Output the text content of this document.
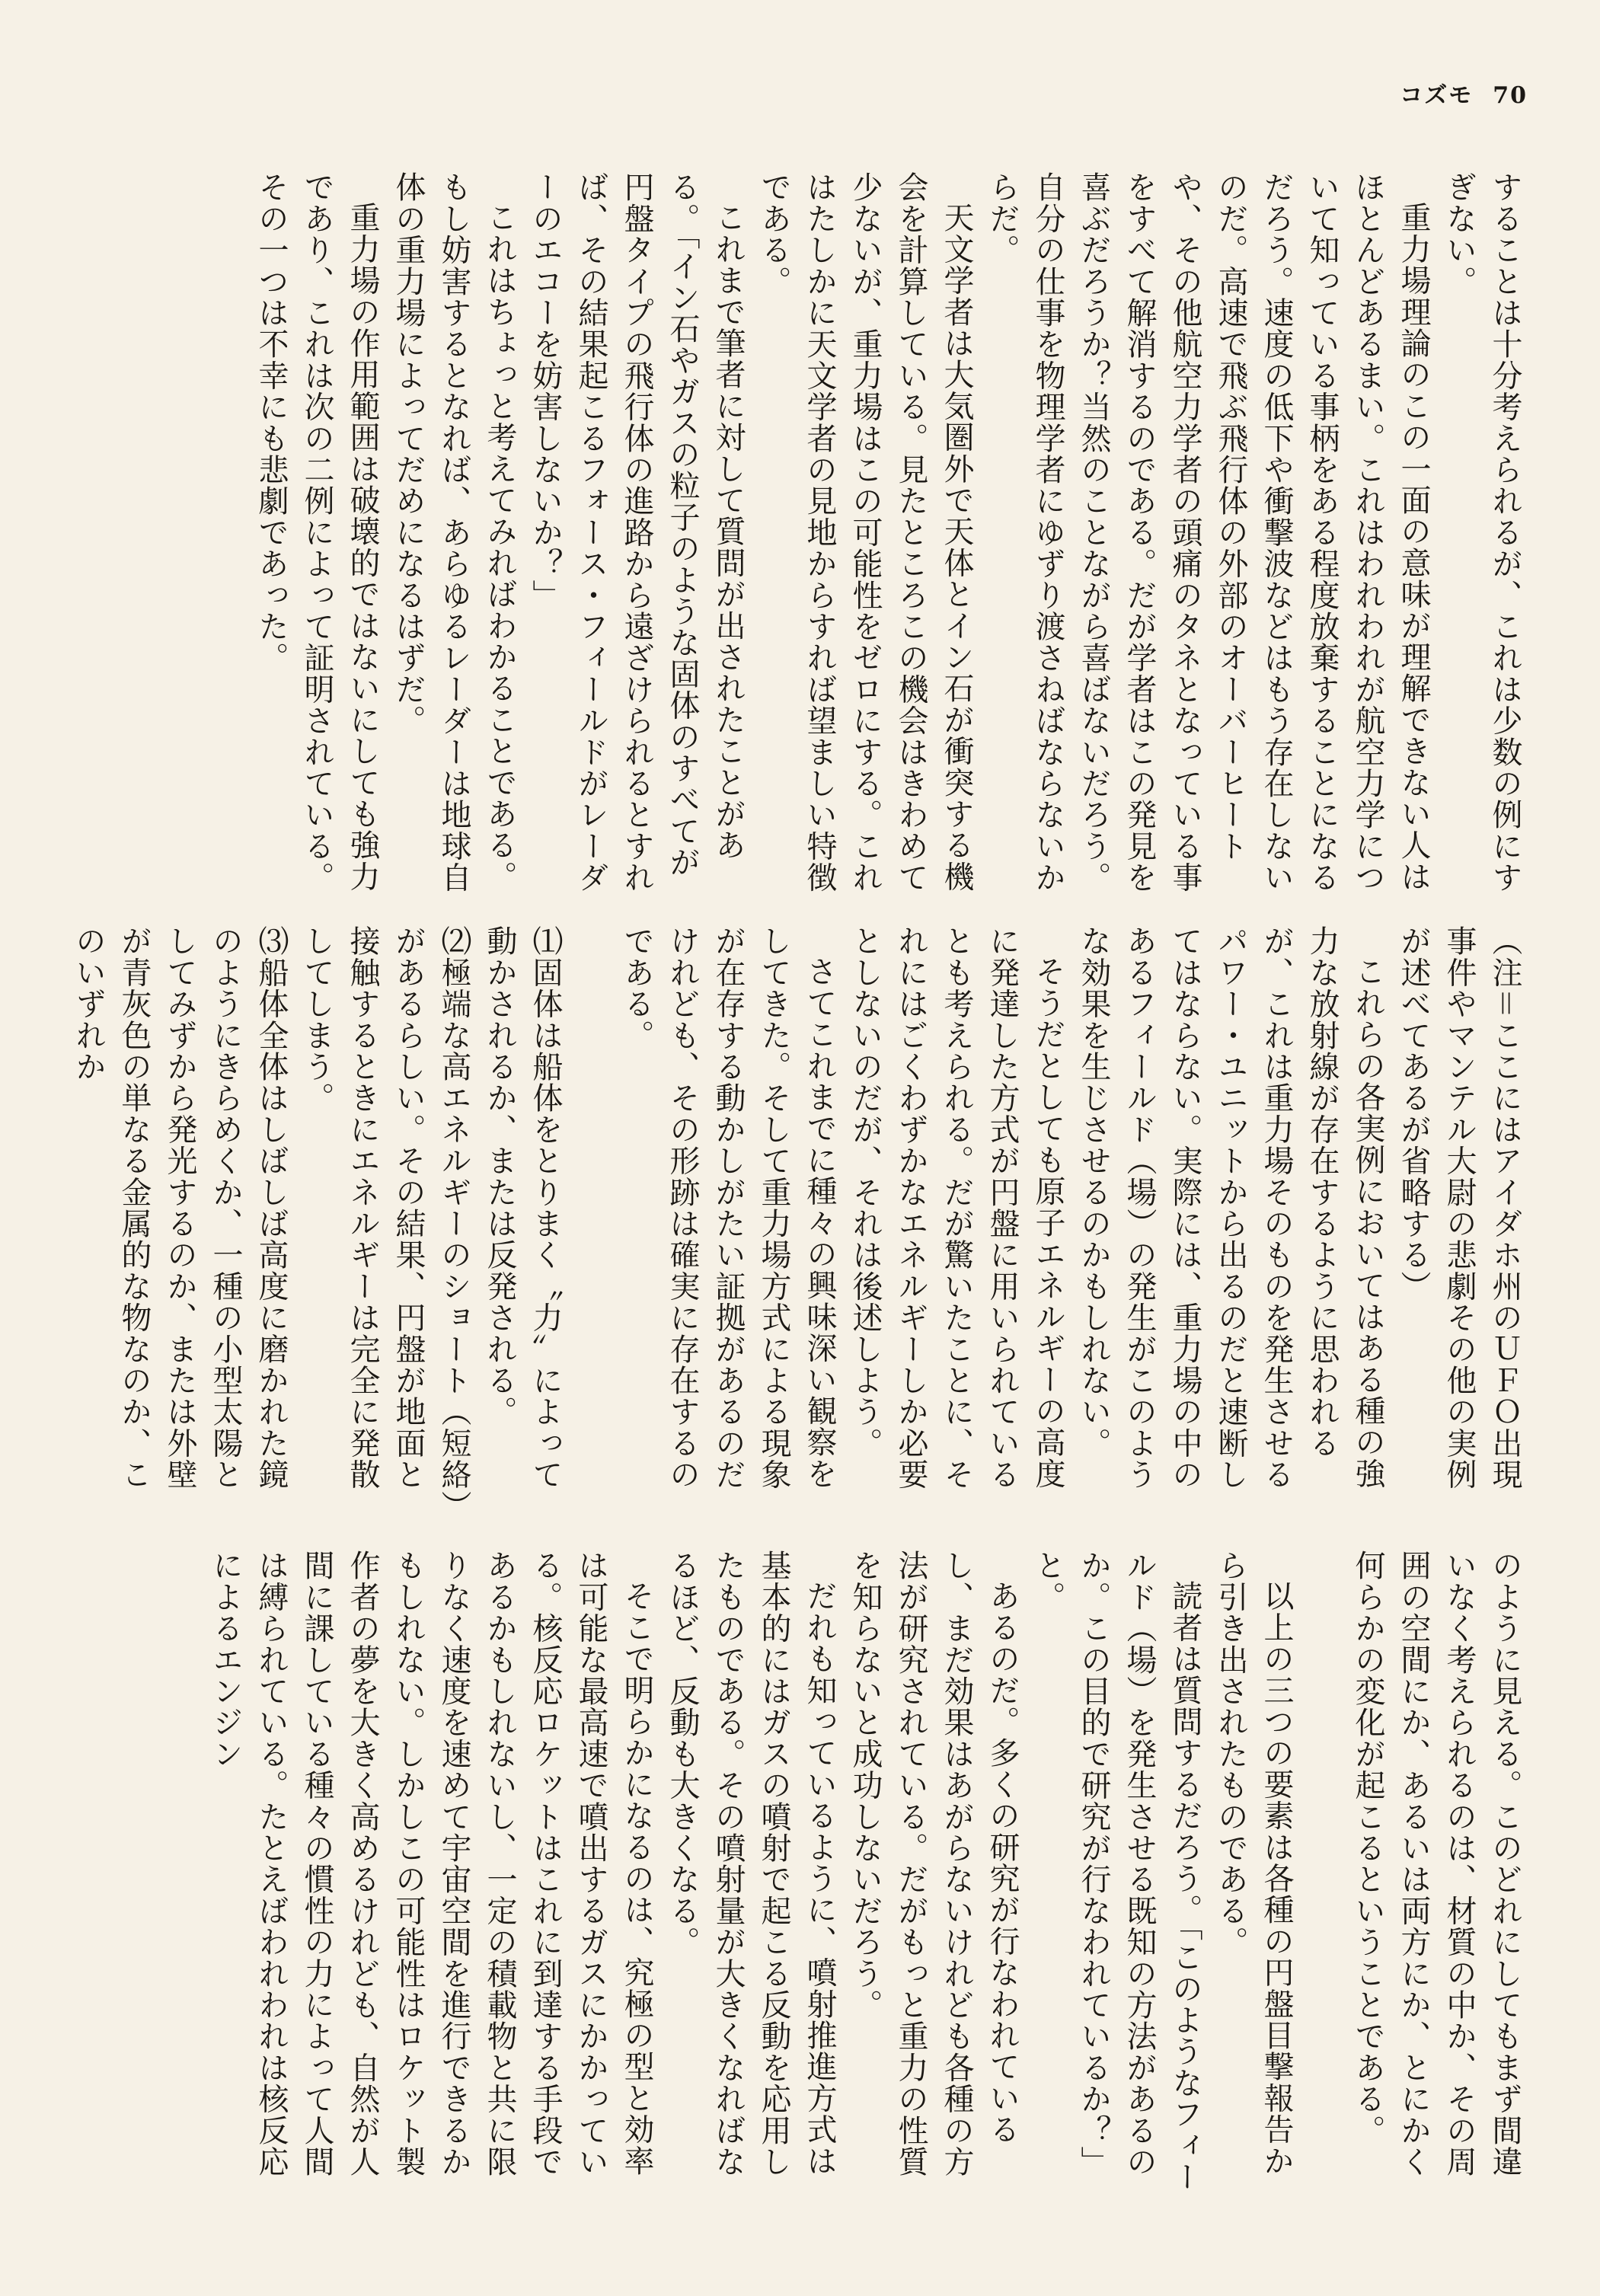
コズモ 70

することは十分考えられるが、これは少数の例にすぎない。

重力場理論のこの一面の意味が理解できない人はほとんどあるまい。これはわれわれが航空力学について知っている事柄をある程度放棄することになるだろう。速度の低下や衝撃波などはもう存在しないのだ。高速で飛ぶ飛行体の外部のオーバーヒートや、その他航空力学者の頭痛のタネとなっている事をすべて解消するのである。だが学者はこの発見を喜ぶだろうか？当然のことながら喜ばないだろう。自分の仕事を物理学者にゆずり渡さねばならないからだ。

天文学者は大気圏外で天体とイン石が衝突する機会を計算している。見たところこの機会はきわめて少ないが、重力場はこの可能性をゼロにする。これはたしかに天文学者の見地からすれば望ましい特徴である。

これまで筆者に対して質問が出されたことがある。「イン石やガスの粒子のような固体のすべてが円盤タイプの飛行体の進路から遠ざけられるとすれば、その結果起こるフォース・フィールドがレーダーのエコーを妨害しないか？」

これはちょっと考えてみればわかることである。もし妨害するとなれば、あらゆるレーダーは地球自体の重力場によってだめになるはずだ。

重力場の作用範囲は破壊的ではないにしても強力であり、これは次の二例によって証明されている。その一つは不幸にも悲劇であった。

（注＝ここにはアイダホ州のＵＦＯ出現事件やマンテル大尉の悲劇その他の実例が述べてあるが省略する）

これらの各実例においてはある種の強力な放射線が存在するように思われるが、これは重力場そのものを発生させるパワー・ユニットから出るのだと速断してはならない。実際には、重力場の中のあるフィールド（場）の発生がこのような効果を生じさせるのかもしれない。

そうだとしても原子エネルギーの高度に発達した方式が円盤に用いられているとも考えられる。だが驚いたことに、それにはごくわずかなエネルギーしか必要としないのだが、それは後述しよう。

さてこれまでに種々の興味深い観察をしてきた。そして重力場方式による現象が在存する動かしがたい証拠があるのだけれども、その形跡は確実に存在するのである。

⑴固体は船体をとりまく〝力〟によって動かされるか、または反発される。

⑵極端な高エネルギーのショート（短絡）があるらしい。その結果、円盤が地面と接触するときにエネルギーは完全に発散してしまう。

⑶船体全体はしばしば高度に磨かれた鏡のようにきらめくか、一種の小型太陽としてみずから発光するのか、または外壁が青灰色の単なる金属的な物なのか、このいずれか

のように見える。このどれにしてもまず間違いなく考えられるのは、材質の中か、その周囲の空間にか、あるいは両方にか、とにかく何らかの変化が起こるということである。

以上の三つの要素は各種の円盤目撃報告から引き出されたものである。

読者は質問するだろう。「このようなフィールド（場）を発生させる既知の方法があるのか。この目的で研究が行なわれているか？」と。

あるのだ。多くの研究が行なわれているし、まだ効果はあがらないけれども各種の方法が研究されている。だがもっと重力の性質を知らないと成功しないだろう。

だれも知っているように、噴射推進方式は基本的にはガスの噴射で起こる反動を応用したものである。その噴射量が大きくなればなるほど、反動も大きくなる。

そこで明らかになるのは、究極の型と効率は可能な最高速で噴出するガスにかかっている。核反応ロケットはこれに到達する手段であるかもしれないし、一定の積載物と共に限りなく速度を速めて宇宙空間を進行できるかもしれない。しかしこの可能性はロケット製作者の夢を大きく高めるけれども、自然が人間に課している種々の慣性の力によって人間は縛られている。たとえばわれわれは核反応によるエンジン
